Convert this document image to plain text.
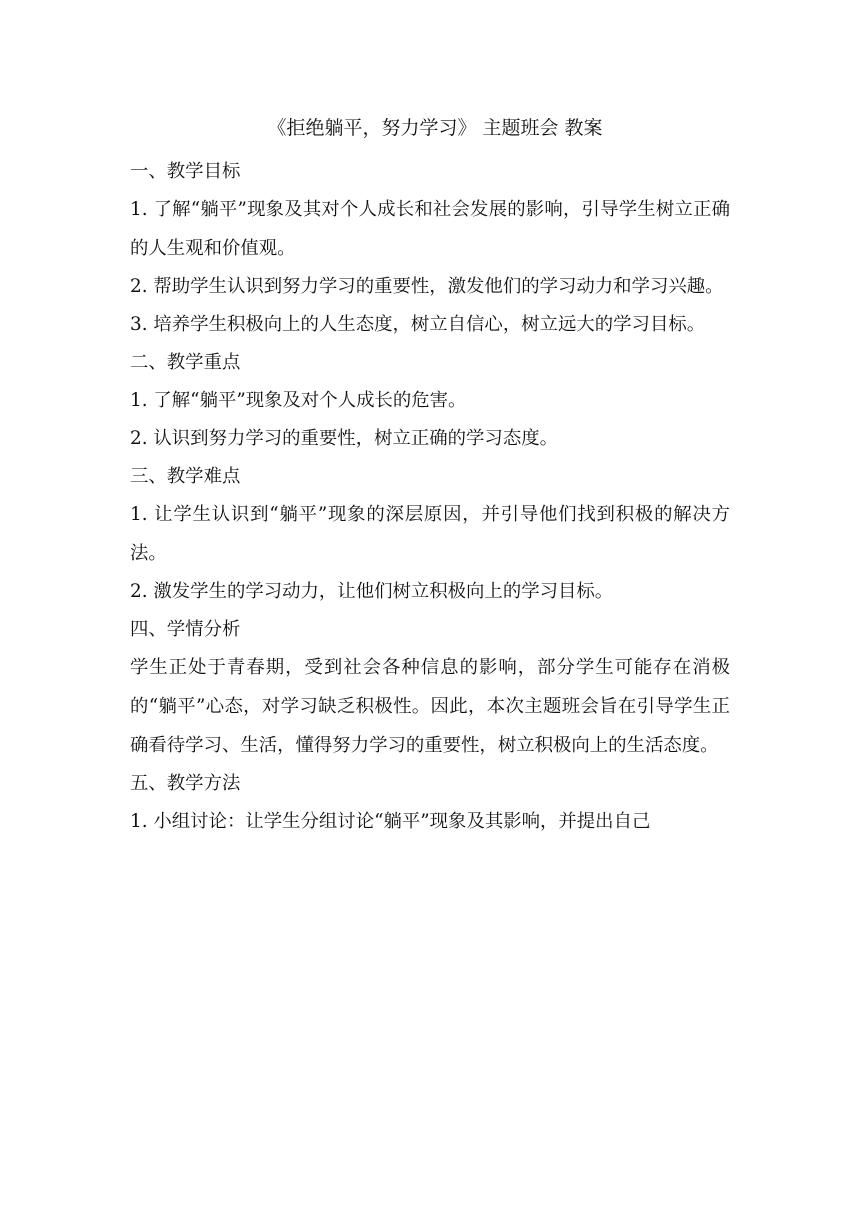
《拒绝躺平，努力学习》 主题班会 教案

一、教学目标

1. 了解“躺平”现象及其对个人成长和社会发展的影响，引导学生树立正确的人生观和价值观。

2. 帮助学生认识到努力学习的重要性，激发他们的学习动力和学习兴趣。

3. 培养学生积极向上的人生态度，树立自信心，树立远大的学习目标。

二、教学重点

1. 了解“躺平”现象及对个人成长的危害。

2. 认识到努力学习的重要性，树立正确的学习态度。

三、教学难点

1. 让学生认识到“躺平”现象的深层原因，并引导他们找到积极的解决方法。

2. 激发学生的学习动力，让他们树立积极向上的学习目标。

四、学情分析

学生正处于青春期，受到社会各种信息的影响，部分学生可能存在消极的“躺平”心态，对学习缺乏积极性。因此，本次主题班会旨在引导学生正确看待学习、生活，懂得努力学习的重要性，树立积极向上的生活态度。

五、教学方法

1. 小组讨论：让学生分组讨论“躺平”现象及其影响，并提出自己
